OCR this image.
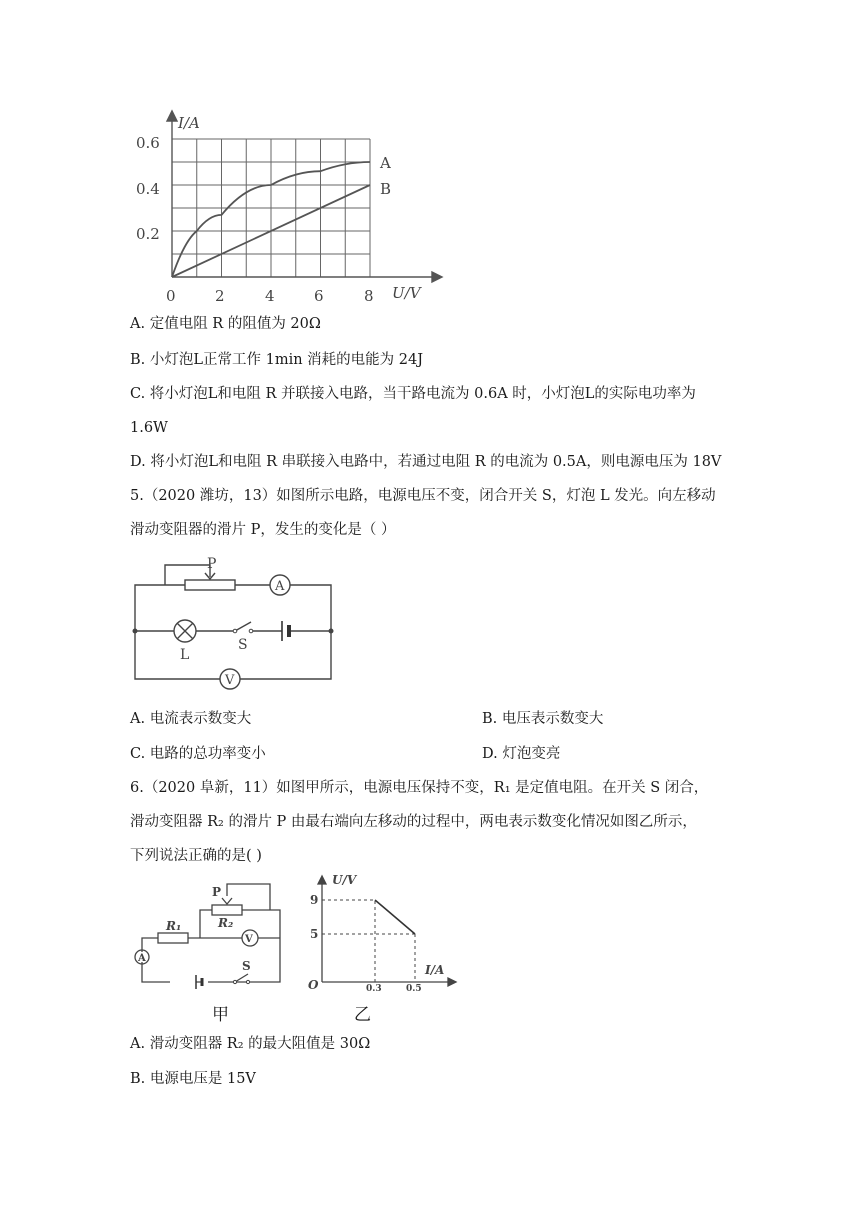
I/A
U/V
0.6
0.4
0.2
0	2	4	6	8
A
B
A. 定值电阻 R 的阻值为 20Ω
B. 小灯泡L正常工作 1min 消耗的电能为 24J
C. 将小灯泡L和电阻 R 并联接入电路，当干路电流为 0.6A 时，小灯泡L的实际电功率为
1.6W
D. 将小灯泡L和电阻 R 串联接入电路中，若通过电阻 R 的电流为 0.5A，则电源电压为 18V
5.（2020 潍坊，13）如图所示电路，电源电压不变，闭合开关 S，灯泡 L 发光。向左移动
滑动变阻器的滑片 P，发生的变化是（ ）
P
A
L
S
V
A. 电流表示数变大	B. 电压表示数变大
C. 电路的总功率变小	D. 灯泡变亮
6.（2020 阜新，11）如图甲所示，电源电压保持不变，R₁ 是定值电阻。在开关 S 闭合，
滑动变阻器 R₂ 的滑片 P 由最右端向左移动的过程中，两电表示数变化情况如图乙所示，
下列说法正确的是( )
P
R₂
R₁
V
A
S
甲
U/V
I/A
O
9
5
0.3	0.5
乙
A. 滑动变阻器 R₂ 的最大阻值是 30Ω
B. 电源电压是 15V
